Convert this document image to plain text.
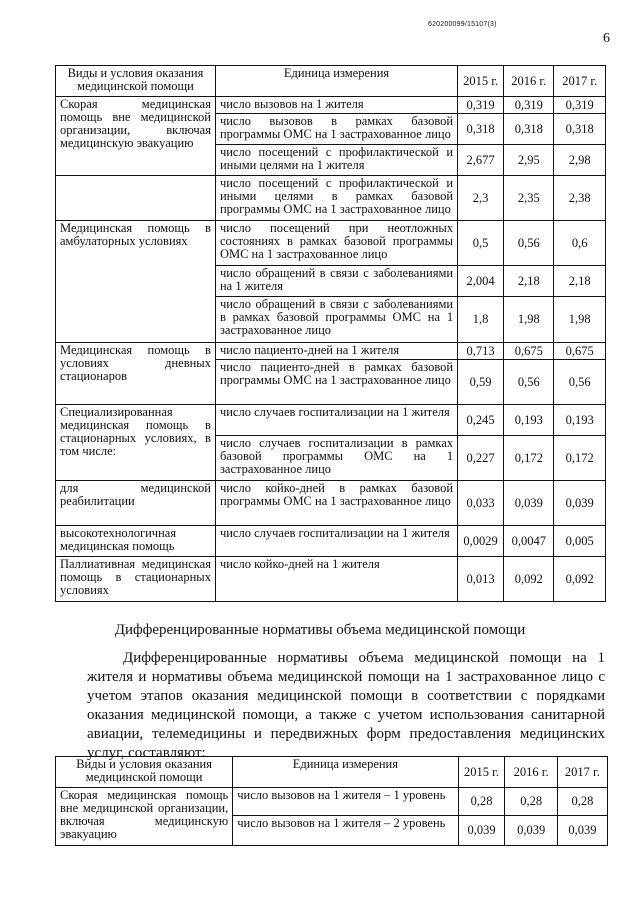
620200099/15107(3)
6
Виды и условия оказания медицинской помощи	Единица измерения	2015 г.	2016 г.	2017 г.
Скорая медицинская помощь вне медицинской организации, включая медицинскую эвакуацию	число вызовов на 1 жителя	0,319	0,319	0,319
	число вызовов в рамках базовой программы ОМС на 1 застрахованное лицо	0,318	0,318	0,318
	число посещений с профилактической и иными целями на 1 жителя	2,677	2,95	2,98
	число посещений с профилактической и иными целями в рамках базовой программы ОМС на 1 застрахованное лицо	2,3	2,35	2,38
Медицинская помощь в амбулаторных условиях	число посещений при неотложных состояниях в рамках базовой программы ОМС на 1 застрахованное лицо	0,5	0,56	0,6
	число обращений в связи с заболеваниями на 1 жителя	2,004	2,18	2,18
	число обращений в связи с заболеваниями в рамках базовой программы ОМС на 1 застрахованное лицо	1,8	1,98	1,98
Медицинская помощь в условиях дневных стационаров	число пациенто-дней на 1 жителя	0,713	0,675	0,675
	число пациенто-дней в рамках базовой программы ОМС на 1 застрахованное лицо	0,59	0,56	0,56
Специализированная медицинская помощь в стационарных условиях, в том числе:	число случаев госпитализации на 1 жителя	0,245	0,193	0,193
	число случаев госпитализации в рамках базовой программы ОМС на 1 застрахованное лицо	0,227	0,172	0,172
для медицинской реабилитации	число койко-дней в рамках базовой программы ОМС на 1 застрахованное лицо	0,033	0,039	0,039
высокотехнологичная медицинская помощь	число случаев госпитализации на 1 жителя	0,0029	0,0047	0,005
Паллиативная медицинская помощь в стационарных условиях	число койко-дней на 1 жителя	0,013	0,092	0,092
Дифференцированные нормативы объема медицинской помощи
Дифференцированные нормативы объема медицинской помощи на 1 жителя и нормативы объема медицинской помощи на 1 застрахованное лицо с учетом этапов оказания медицинской помощи в соответствии с порядками оказания медицинской помощи, а также с учетом использования санитарной авиации, телемедицины и передвижных форм предоставления медицинских услуг, составляют:
Виды и условия оказания медицинской помощи	Единица измерения	2015 г.	2016 г.	2017 г.
Скорая медицинская помощь вне медицинской организации, включая медицинскую эвакуацию	число вызовов на 1 жителя – 1 уровень	0,28	0,28	0,28
	число вызовов на 1 жителя – 2 уровень	0,039	0,039	0,039
